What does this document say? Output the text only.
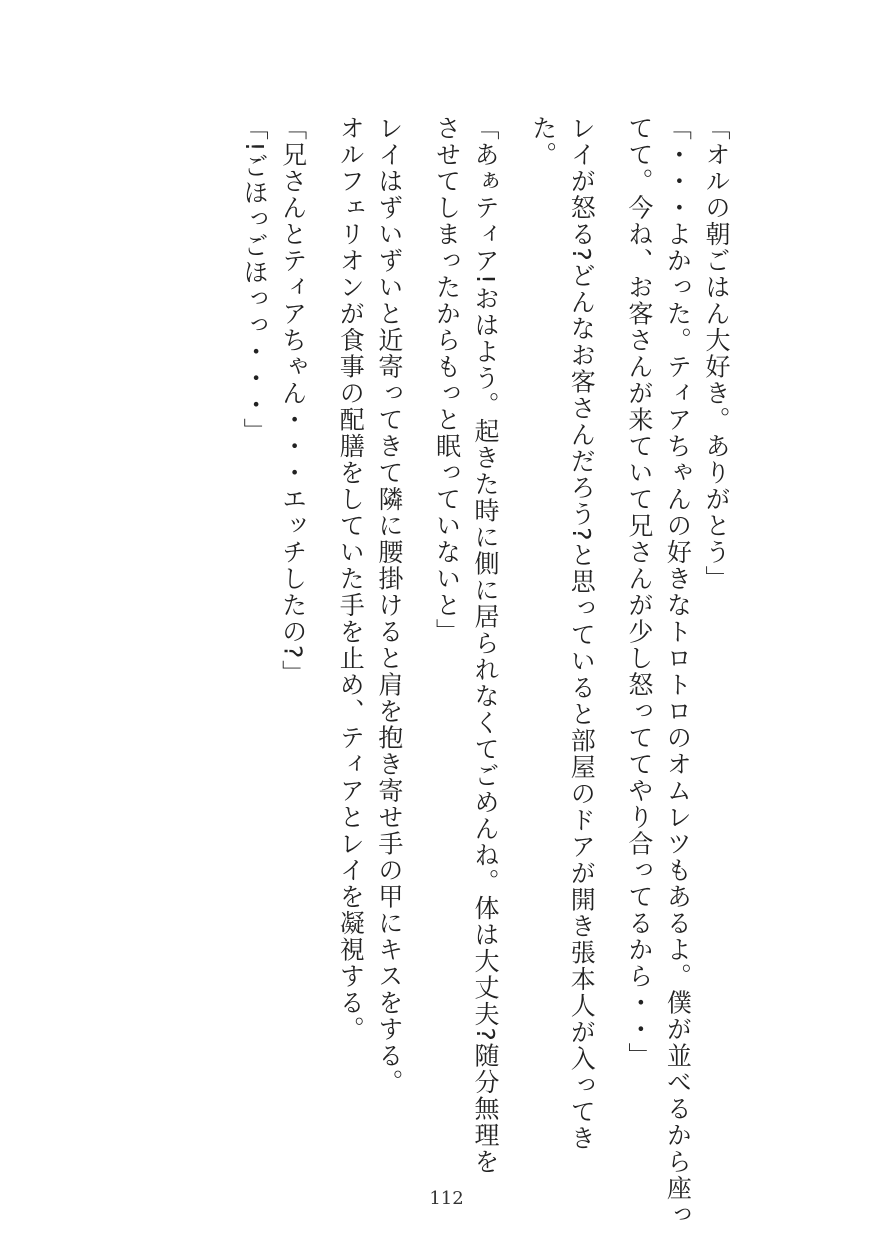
「オルの朝ごはん大好き。ありがとう」
「・・・よかった。ティアちゃんの好きなトロトロのオムレツもあるよ。僕が並べるから座っ
てて。今ね、お客さんが来ていて兄さんが少し怒っててやり合ってるから・・」
レイが怒る?どんなお客さんだろう?と思っていると部屋のドアが開き張本人が入ってき
た。
「あぁティア!おはよう。起きた時に側に居られなくてごめんね。体は大丈夫?随分無理を
させてしまったからもっと眠っていないと」
レイはずいずいと近寄ってきて隣に腰掛けると肩を抱き寄せ手の甲にキスをする。
オルフェリオンが食事の配膳をしていた手を止め、ティアとレイを凝視する。
「兄さんとティアちゃん・・・エッチしたの?」
「!ごほっごほっっ・・・」
112
